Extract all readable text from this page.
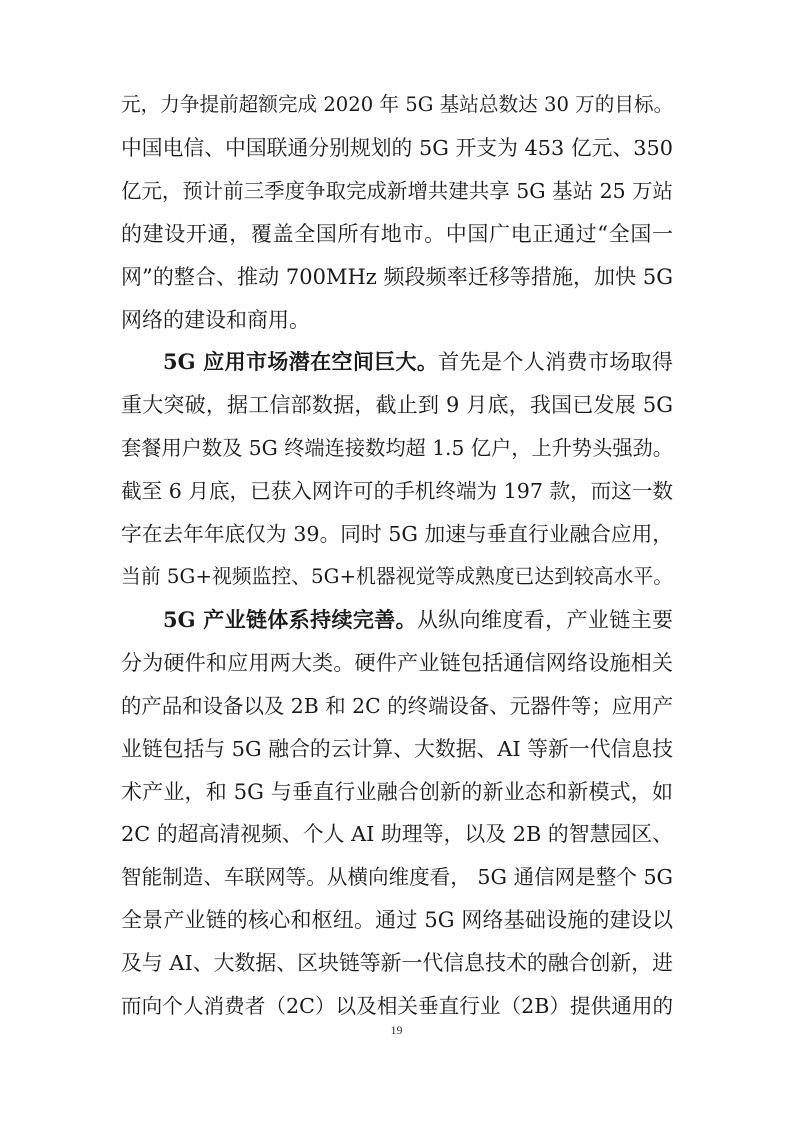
元，力争提前超额完成 2020 年 5G 基站总数达 30 万的目标。
中国电信、中国联通分别规划的 5G 开支为 453 亿元、350
亿元，预计前三季度争取完成新增共建共享 5G 基站 25 万站
的建设开通，覆盖全国所有地市。中国广电正通过“全国一
网”的整合、推动 700MHz 频段频率迁移等措施，加快 5G
网络的建设和商用。
5G 应用市场潜在空间巨大。首先是个人消费市场取得
重大突破，据工信部数据，截止到 9 月底，我国已发展 5G
套餐用户数及 5G 终端连接数均超 1.5 亿户，上升势头强劲。
截至 6 月底，已获入网许可的手机终端为 197 款，而这一数
字在去年年底仅为 39。同时 5G 加速与垂直行业融合应用，
当前 5G+视频监控、5G+机器视觉等成熟度已达到较高水平。
5G 产业链体系持续完善。从纵向维度看，产业链主要
分为硬件和应用两大类。硬件产业链包括通信网络设施相关
的产品和设备以及 2B 和 2C 的终端设备、元器件等；应用产
业链包括与 5G 融合的云计算、大数据、AI 等新一代信息技
术产业，和 5G 与垂直行业融合创新的新业态和新模式，如
2C 的超高清视频、个人 AI 助理等，以及 2B 的智慧园区、
智能制造、车联网等。从横向维度看， 5G 通信网是整个 5G
全景产业链的核心和枢纽。通过 5G 网络基础设施的建设以
及与 AI、大数据、区块链等新一代信息技术的融合创新，进
而向个人消费者（2C）以及相关垂直行业（2B）提供通用的
19
